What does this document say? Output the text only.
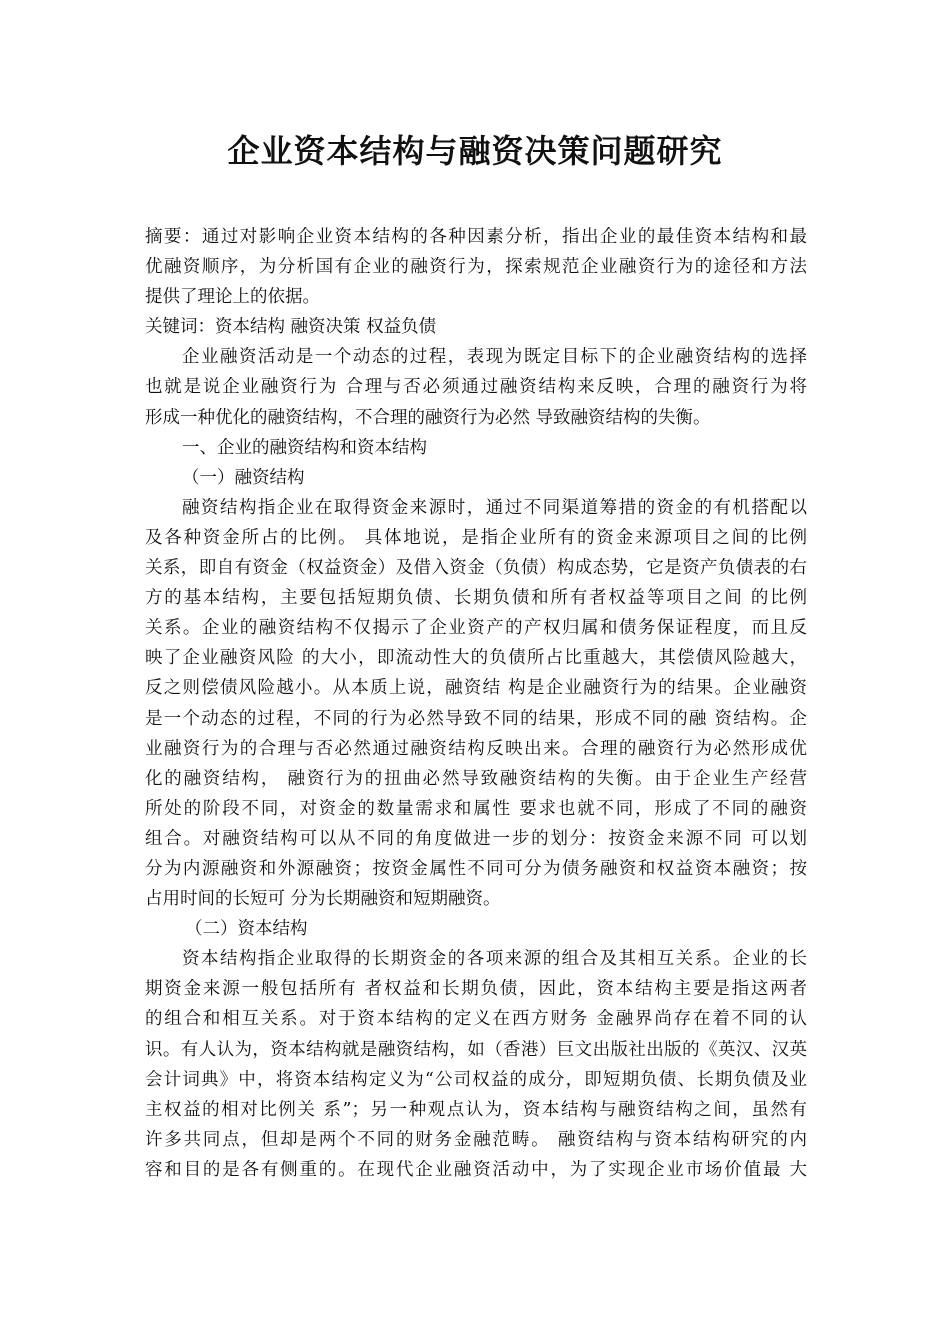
企业资本结构与融资决策问题研究
摘要：通过对影响企业资本结构的各种因素分析，指出企业的最佳资本结构和最
优融资顺序，为分析国有企业的融资行为，探索规范企业融资行为的途径和方法
提供了理论上的依据。
关键词：资本结构 融资决策 权益负债
企业融资活动是一个动态的过程，表现为既定目标下的企业融资结构的选择
也就是说企业融资行为 合理与否必须通过融资结构来反映，合理的融资行为将
形成一种优化的融资结构，不合理的融资行为必然 导致融资结构的失衡。
一、企业的融资结构和资本结构
（一）融资结构
融资结构指企业在取得资金来源时，通过不同渠道筹措的资金的有机搭配以
及各种资金所占的比例。 具体地说，是指企业所有的资金来源项目之间的比例
关系，即自有资金（权益资金）及借入资金（负债）构成态势，它是资产负债表的右
方的基本结构，主要包括短期负债、长期负债和所有者权益等项目之间 的比例
关系。企业的融资结构不仅揭示了企业资产的产权归属和债务保证程度，而且反
映了企业融资风险 的大小，即流动性大的负债所占比重越大，其偿债风险越大，
反之则偿债风险越小。从本质上说，融资结 构是企业融资行为的结果。企业融资
是一个动态的过程，不同的行为必然导致不同的结果，形成不同的融 资结构。企
业融资行为的合理与否必然通过融资结构反映出来。合理的融资行为必然形成优
化的融资结构， 融资行为的扭曲必然导致融资结构的失衡。由于企业生产经营
所处的阶段不同，对资金的数量需求和属性 要求也就不同，形成了不同的融资
组合。对融资结构可以从不同的角度做进一步的划分：按资金来源不同 可以划
分为内源融资和外源融资；按资金属性不同可分为债务融资和权益资本融资；按
占用时间的长短可 分为长期融资和短期融资。
（二）资本结构
资本结构指企业取得的长期资金的各项来源的组合及其相互关系。企业的长
期资金来源一般包括所有 者权益和长期负债，因此，资本结构主要是指这两者
的组合和相互关系。对于资本结构的定义在西方财务 金融界尚存在着不同的认
识。有人认为，资本结构就是融资结构，如（香港）巨文出版社出版的《英汉、汉英
会计词典》中，将资本结构定义为“公司权益的成分，即短期负债、长期负债及业
主权益的相对比例关 系”；另一种观点认为，资本结构与融资结构之间，虽然有
许多共同点，但却是两个不同的财务金融范畴。 融资结构与资本结构研究的内
容和目的是各有侧重的。在现代企业融资活动中，为了实现企业市场价值最 大
